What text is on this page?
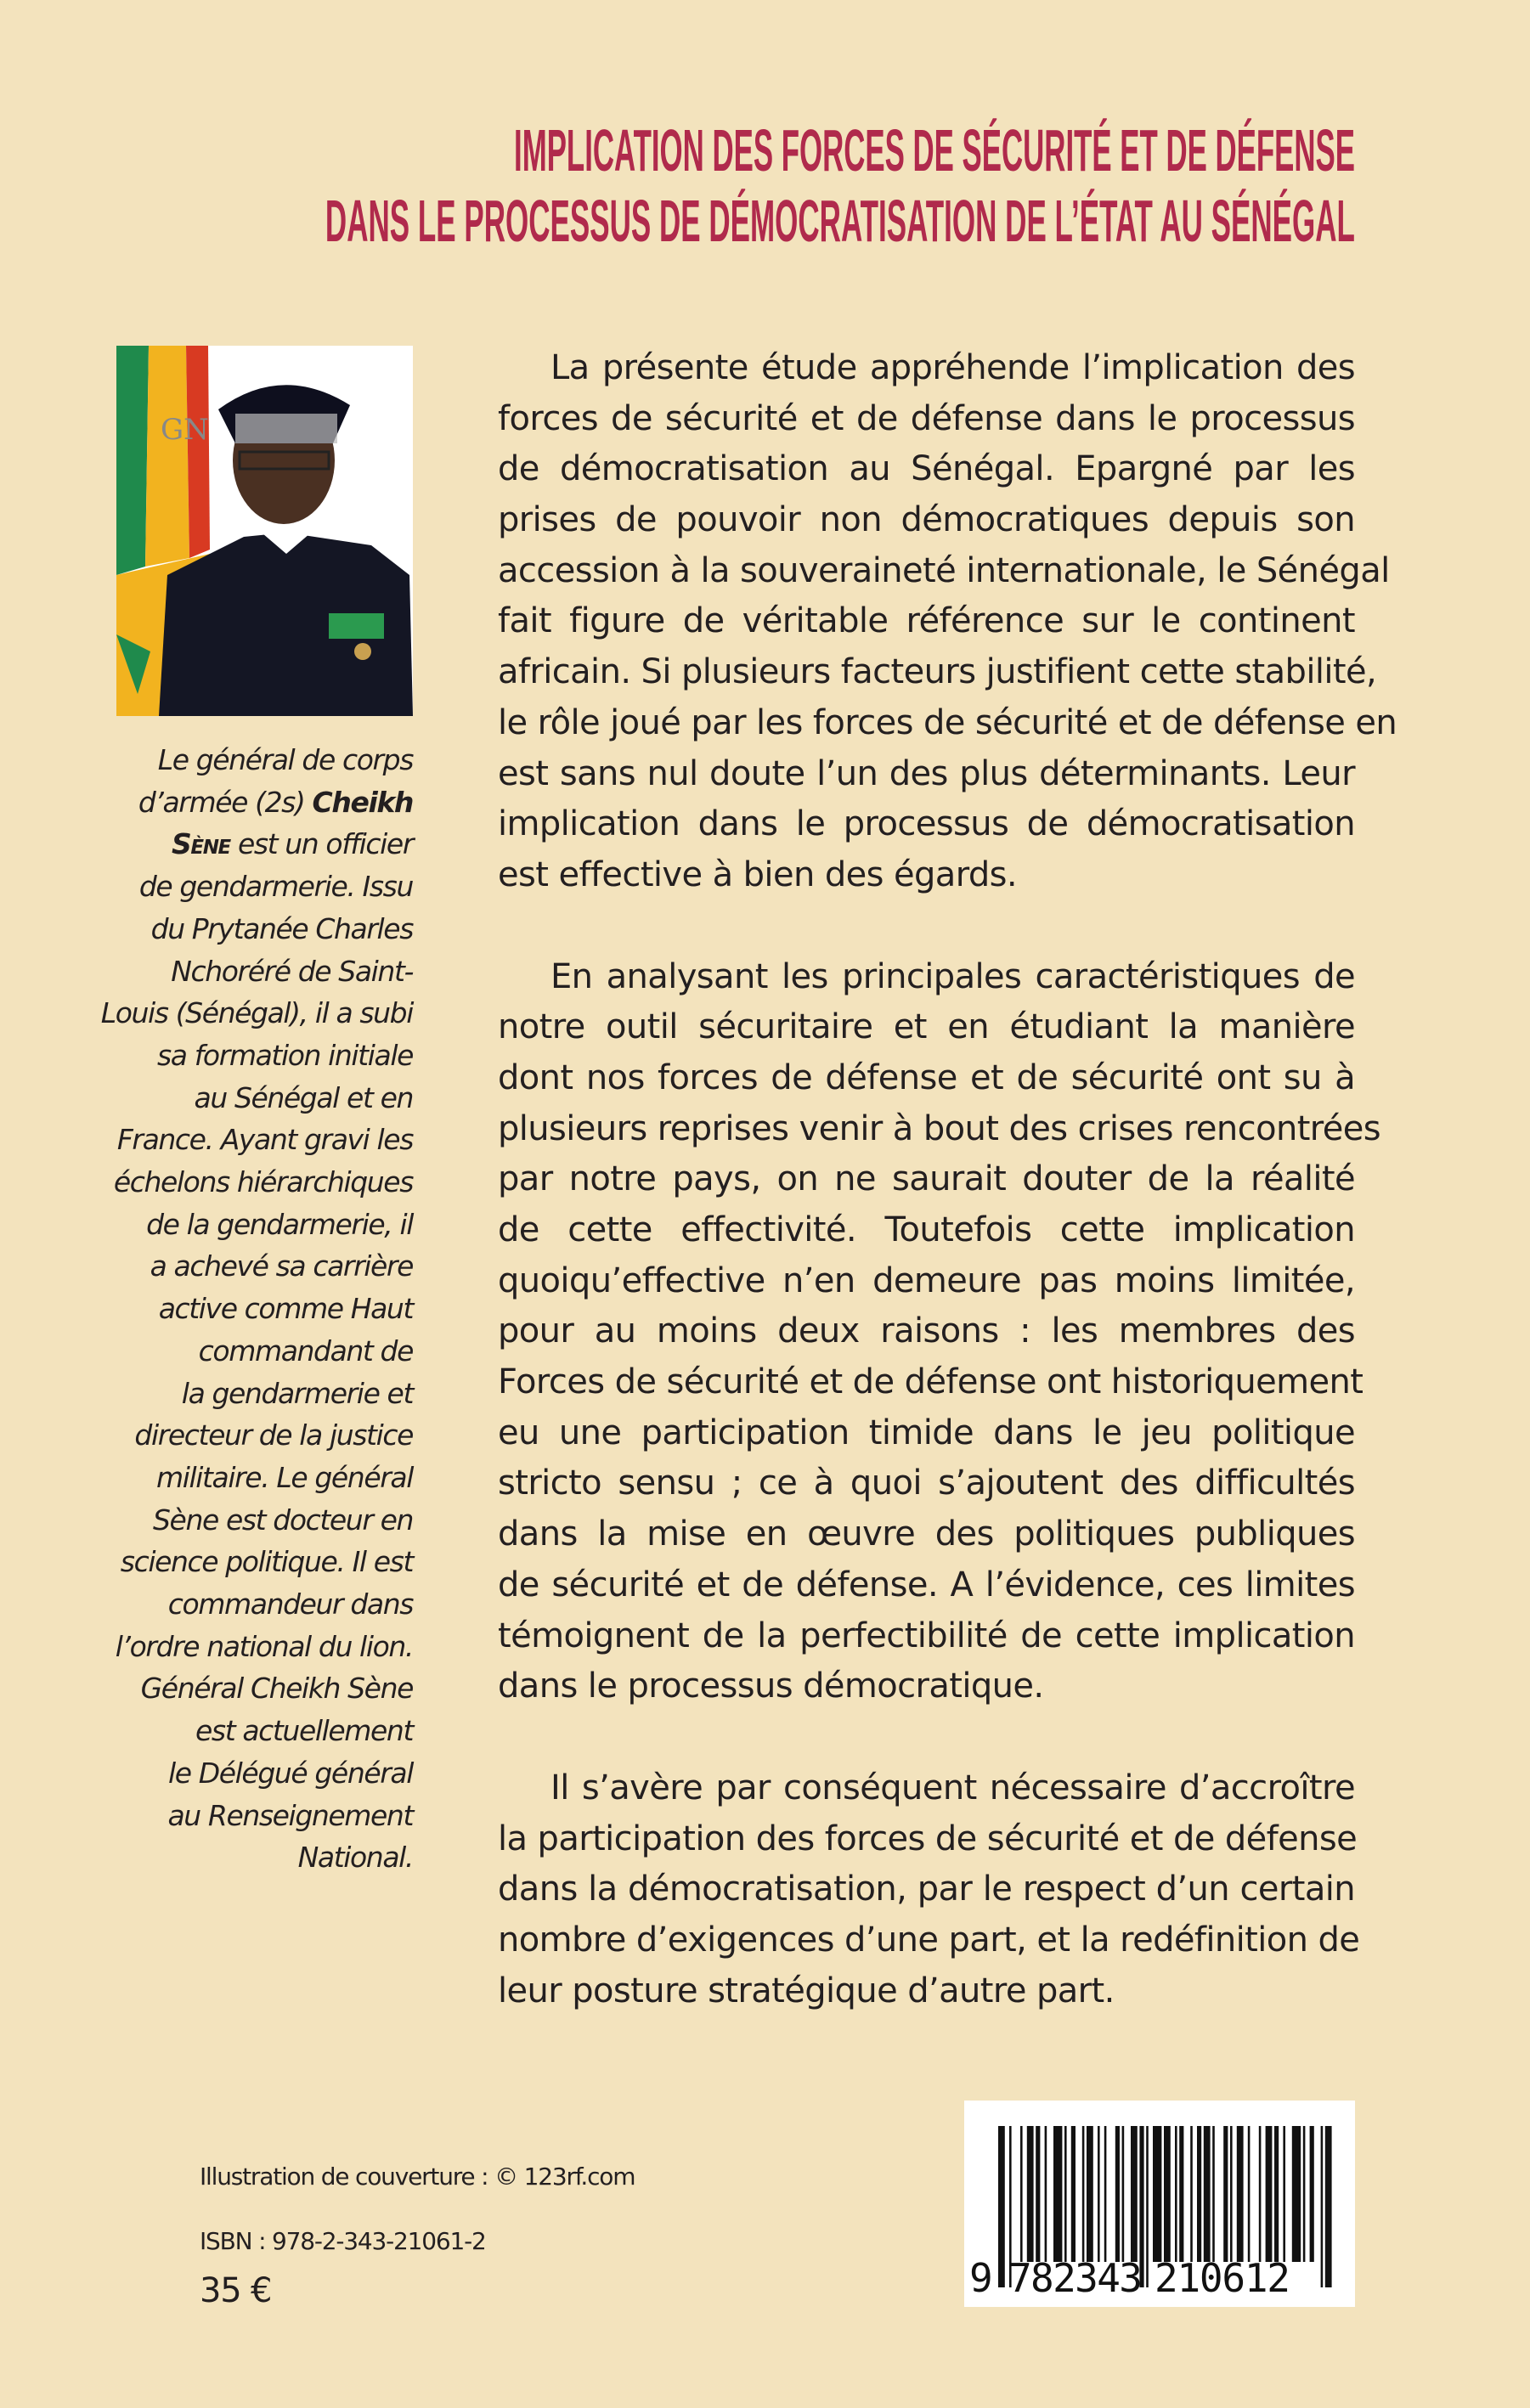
IMPLICATION DES FORCES DE SÉCURITÉ ET DE DÉFENSE
DANS LE PROCESSUS DE DÉMOCRATISATION DE L’ÉTAT AU SÉNÉGAL
GN
Le général de corps
d’armée (2s) Cheikh
Sène est un officier
de gendarmerie. Issu
du Prytanée Charles
Nchoréré de Saint-
Louis (Sénégal), il a subi
sa formation initiale
au Sénégal et en
France. Ayant gravi les
échelons hiérarchiques
de la gendarmerie, il
a achevé sa carrière
active comme Haut
commandant de
la gendarmerie et
directeur de la justice
militaire. Le général
Sène est docteur en
science politique. Il est
commandeur dans
l’ordre national du lion.
Général Cheikh Sène
est actuellement
le Délégué général
au Renseignement
National.
La présente étude appréhende l’implication des
forces de sécurité et de défense dans le processus
de démocratisation au Sénégal. Epargné par les
prises de pouvoir non démocratiques depuis son
accession à la souveraineté internationale, le Sénégal
fait figure de véritable référence sur le continent
africain. Si plusieurs facteurs justifient cette stabilité,
le rôle joué par les forces de sécurité et de défense en
est sans nul doute l’un des plus déterminants. Leur
implication dans le processus de démocratisation
est effective à bien des égards.
En analysant les principales caractéristiques de
notre outil sécuritaire et en étudiant la manière
dont nos forces de défense et de sécurité ont su à
plusieurs reprises venir à bout des crises rencontrées
par notre pays, on ne saurait douter de la réalité
de cette effectivité. Toutefois cette implication
quoiqu’effective n’en demeure pas moins limitée,
pour au moins deux raisons : les membres des
Forces de sécurité et de défense ont historiquement
eu une participation timide dans le jeu politique
stricto sensu ; ce à quoi s’ajoutent des difficultés
dans la mise en œuvre des politiques publiques
de sécurité et de défense. A l’évidence, ces limites
témoignent de la perfectibilité de cette implication
dans le processus démocratique.
Il s’avère par conséquent nécessaire d’accroître
la participation des forces de sécurité et de défense
dans la démocratisation, par le respect d’un certain
nombre d’exigences d’une part, et la redéfinition de
leur posture stratégique d’autre part.
Illustration de couverture : © 123rf.com
ISBN : 978-2-343-21061-2
35 €	9 782343 210612
